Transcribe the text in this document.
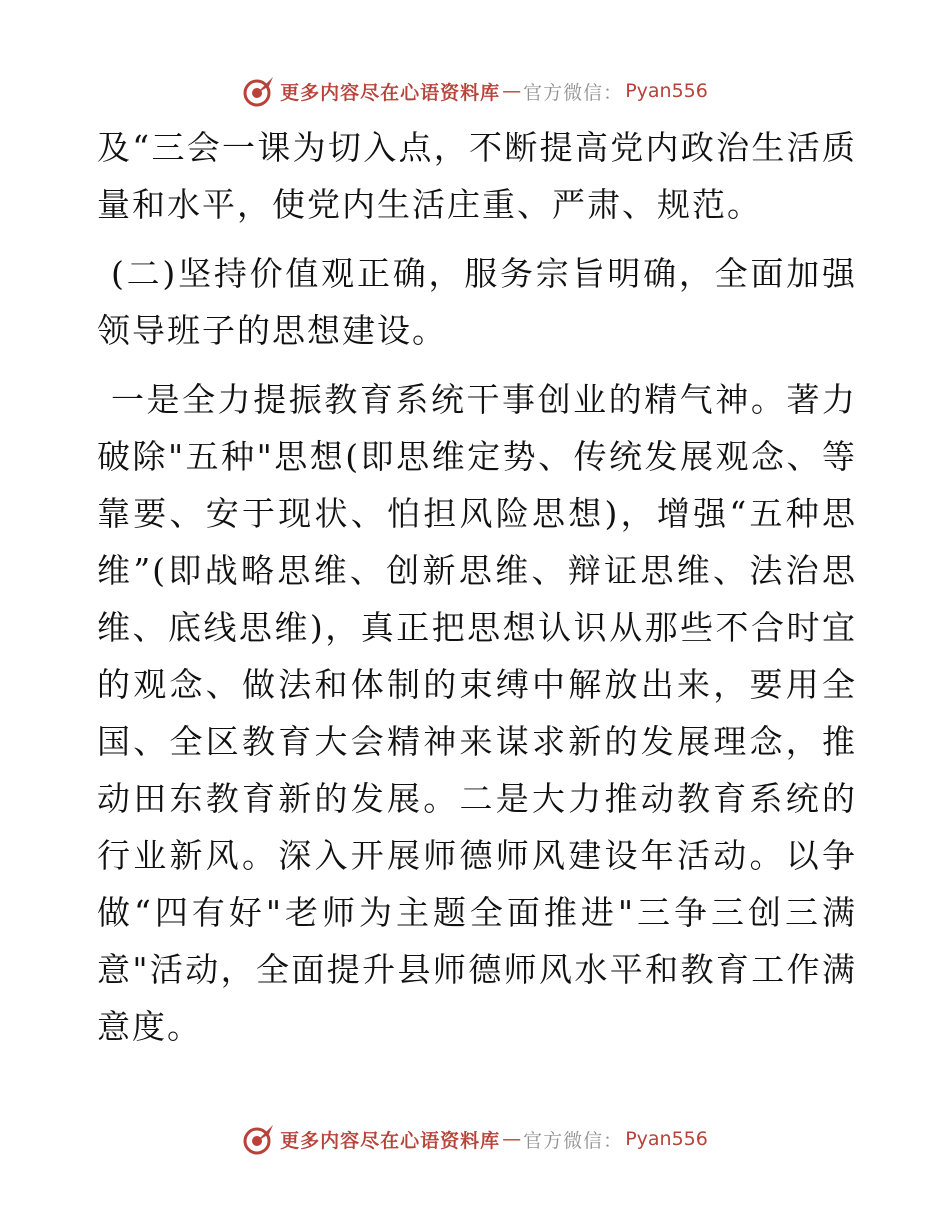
更多内容尽在心语资料库 — 官方微信： Pyan556

及“三会一课为切入点，不断提高党内政治生活质量和水平，使党内生活庄重、严肃、规范。

(二)坚持价值观正确，服务宗旨明确，全面加强领导班子的思想建设。

一是全力提振教育系统干事创业的精气神。著力破除"五种"思想(即思维定势、传统发展观念、等靠要、安于现状、怕担风险思想)，增强“五种思维”(即战略思维、创新思维、辩证思维、法治思维、底线思维)，真正把思想认识从那些不合时宜的观念、做法和体制的束缚中解放出来，要用全国、全区教育大会精神来谋求新的发展理念，推动田东教育新的发展。二是大力推动教育系统的行业新风。深入开展师德师风建设年活动。以争做“四有好"老师为主题全面推进"三争三创三满意"活动，全面提升县师德师风水平和教育工作满意度。

更多内容尽在心语资料库 — 官方微信： Pyan556
